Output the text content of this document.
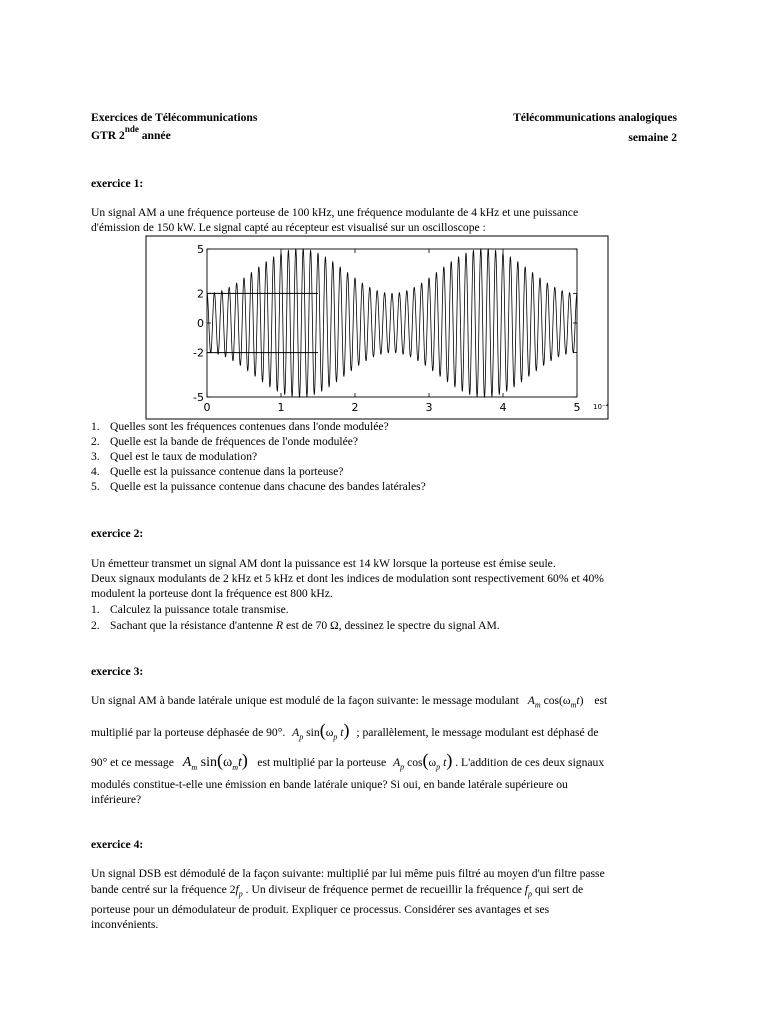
Exercices de Télécommunications
GTR 2nde année
Télécommunications analogiques
semaine 2
exercice 1:
Un signal AM a une fréquence porteuse de 100 kHz, une fréquence modulante de 4 kHz et une puissance
d'émission de 150 kW. Le signal capté au récepteur est visualisé sur un oscilloscope :
0	1	2	3	4	5
5
2
0
-2
-5
10⁻⁴
1. Quelles sont les fréquences contenues dans l'onde modulée?
2. Quelle est la bande de fréquences de l'onde modulée?
3. Quel est le taux de modulation?
4. Quelle est la puissance contenue dans la porteuse?
5. Quelle est la puissance contenue dans chacune des bandes latérales?
exercice 2:
Un émetteur transmet un signal AM dont la puissance est 14 kW lorsque la porteuse est émise seule.
Deux signaux modulants de 2 kHz et 5 kHz et dont les indices de modulation sont respectivement 60% et 40%
modulent la porteuse dont la fréquence est 800 kHz.
1. Calculez la puissance totale transmise.
2. Sachant que la résistance d'antenne R est de 70 Ω, dessinez le spectre du signal AM.
exercice 3:
Un signal AM à bande latérale unique est modulé de la façon suivante: le message modulant $A_m$ $\cos(\omega_mt)$ est
multiplié par la porteuse déphasée de 90°. $A_p$ $\sin(\omega_p$ t) ; parallèlement, le message modulant est déphasé de
90° et ce message $A_m$ $\sin(\omega_mt)$ est multiplié par la porteuse $A_p$ $\cos(\omega_p$ t) . L'addition de ces deux signaux
modulés constitue-t-elle une émission en bande latérale unique? Si oui, en bande latérale supérieure ou
inférieure?
exercice 4:
Un signal DSB est démodulé de la façon suivante: multiplié par lui même puis filtré au moyen d'un filtre passe
bande centré sur la fréquence $2f_p$ . Un diviseur de fréquence permet de recueillir la fréquence $f_p$ qui sert de
porteuse pour un démodulateur de produit. Expliquer ce processus. Considérer ses avantages et ses
inconvénients.
